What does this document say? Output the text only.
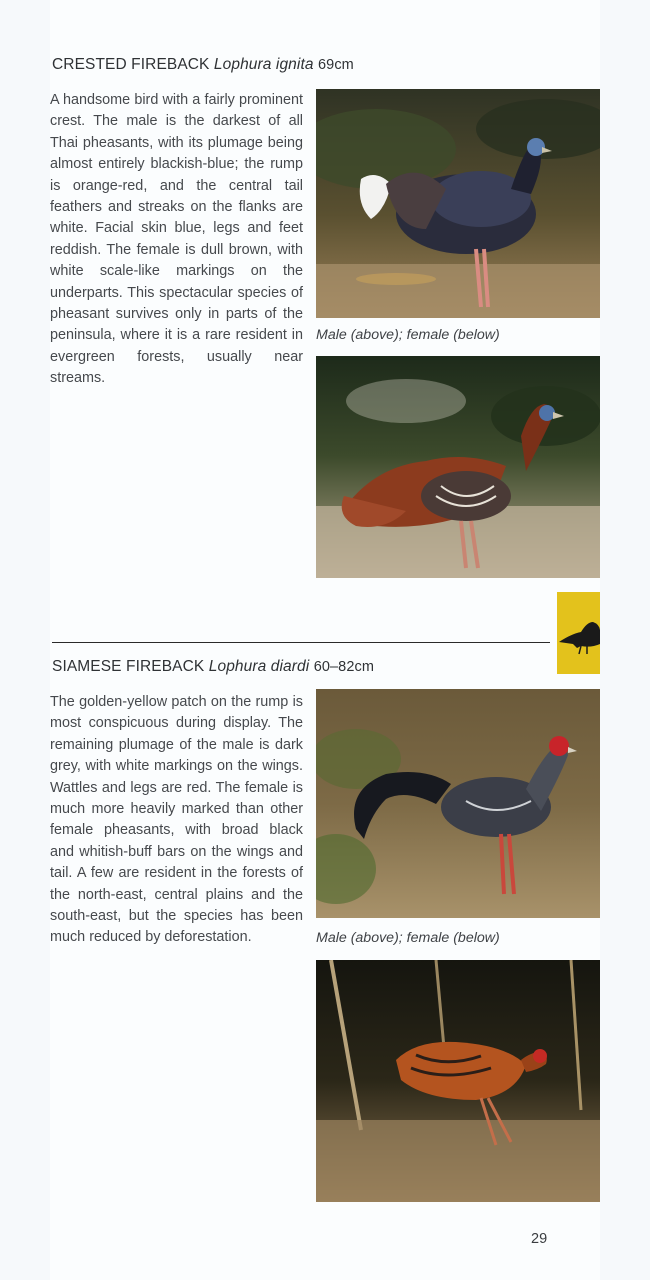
CRESTED FIREBACK Lophura ignita 69cm
A handsome bird with a fairly prominent crest. The male is the darkest of all Thai pheasants, with its plumage being almost entirely blackish-blue; the rump is orange-red, and the central tail feathers and streaks on the flanks are white. Facial skin blue, legs and feet reddish. The female is dull brown, with white scale-like markings on the underparts. This spectacular species of pheasant survives only in parts of the peninsula, where it is a rare resident in evergreen forests, usually near streams.
Male (above); female (below)
SIAMESE FIREBACK Lophura diardi 60–82cm
The golden-yellow patch on the rump is most conspicuous during display. The remaining plumage of the male is dark grey, with white markings on the wings. Wattles and legs are red. The female is much more heavily marked than other female pheasants, with broad black and whitish-buff bars on the wings and tail. A few are resident in the forests of the north-east, central plains and the south-east, but the species has been much reduced by deforestation.	Male (above); female (below)
29
